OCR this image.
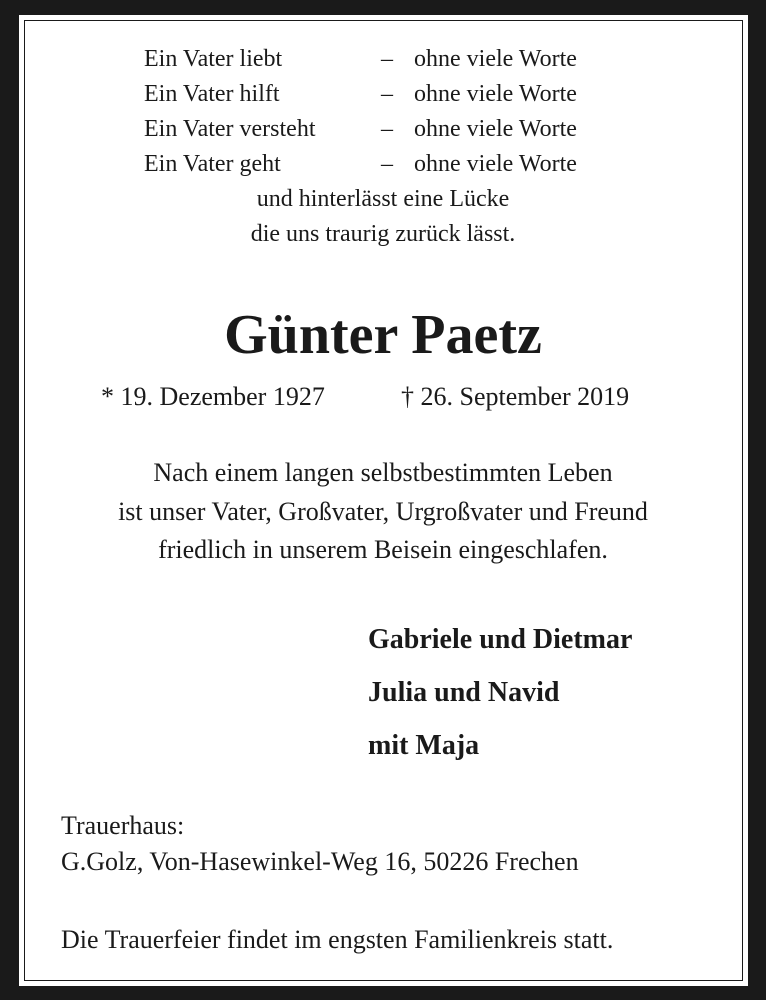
Ein Vater liebt	– ohne viele Worte
Ein Vater hilft	– ohne viele Worte
Ein Vater versteht	– ohne viele Worte
Ein Vater geht	– ohne viele Worte
und hinterlässt eine Lücke
die uns traurig zurück lässt.
Günter Paetz
* 19. Dezember 1927	† 26. September 2019
Nach einem langen selbstbestimmten Leben
ist unser Vater, Großvater, Urgroßvater und Freund
friedlich in unserem Beisein eingeschlafen.
Gabriele und Dietmar
Julia und Navid
mit Maja
Trauerhaus:
G.Golz, Von-Hasewinkel-Weg 16, 50226 Frechen
Die Trauerfeier findet im engsten Familienkreis statt.
